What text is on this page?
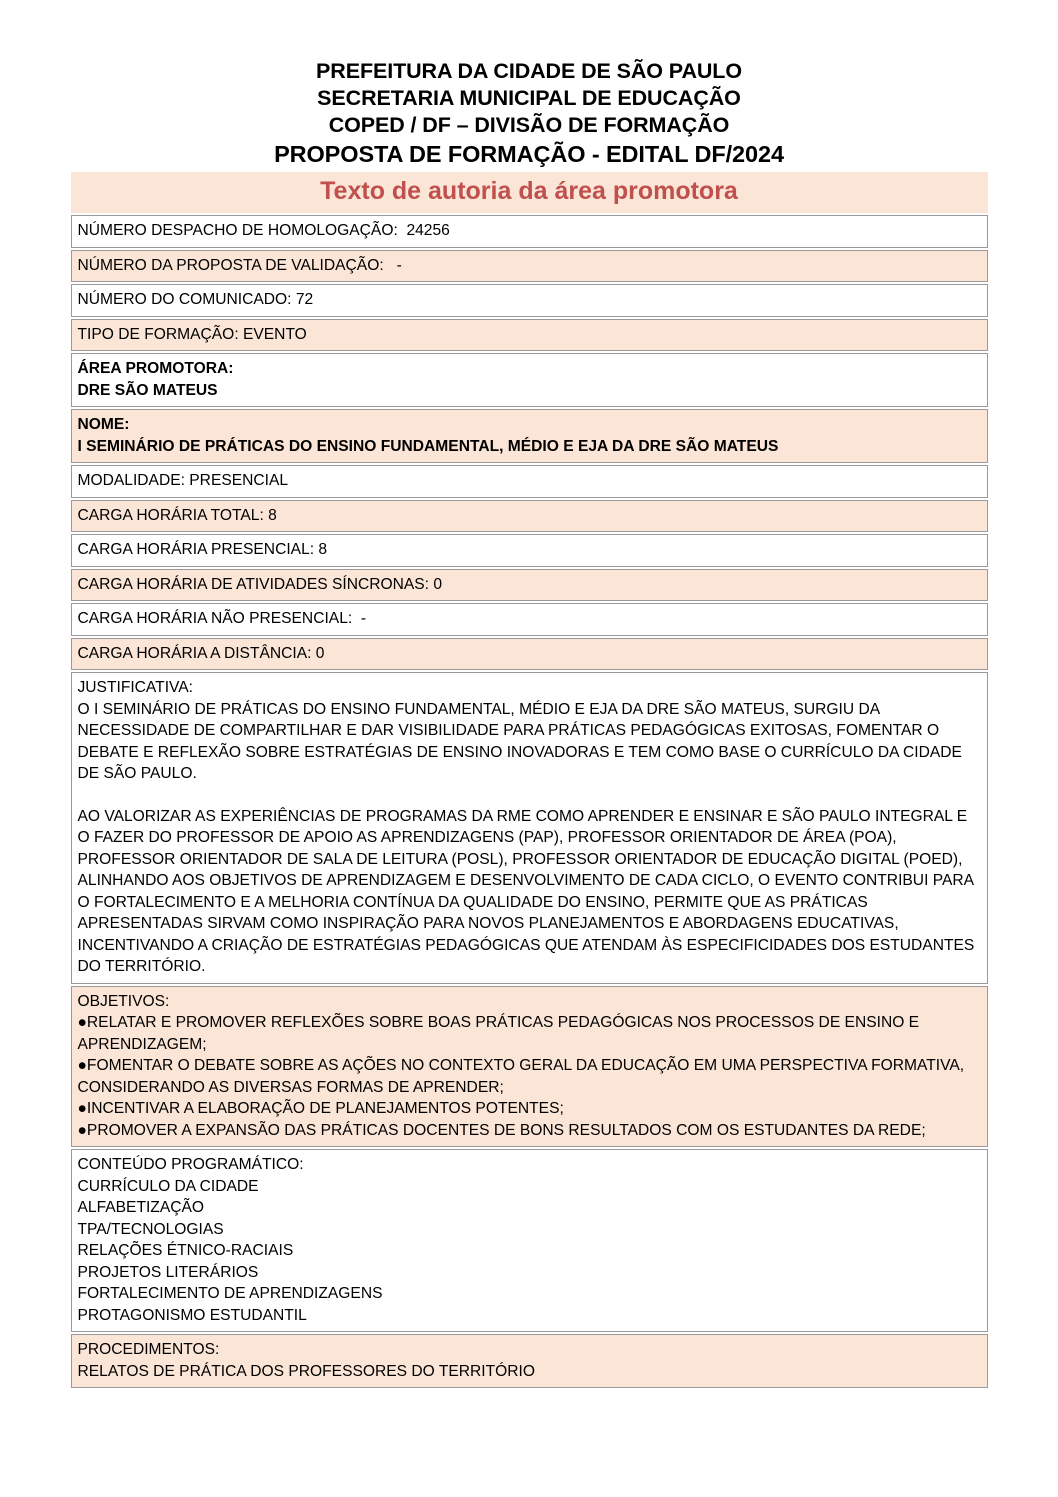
PREFEITURA DA CIDADE DE SÃO PAULO
SECRETARIA MUNICIPAL DE EDUCAÇÃO
COPED / DF – DIVISÃO DE FORMAÇÃO
PROPOSTA DE FORMAÇÃO - EDITAL DF/2024
Texto de autoria da área promotora
NÚMERO DESPACHO DE HOMOLOGAÇÃO:  24256

NÚMERO DA PROPOSTA DE VALIDAÇÃO:   -

NÚMERO DO COMUNICADO: 72

TIPO DE FORMAÇÃO: EVENTO

ÁREA PROMOTORA:
DRE SÃO MATEUS

NOME:
I SEMINÁRIO DE PRÁTICAS DO ENSINO FUNDAMENTAL, MÉDIO E EJA DA DRE SÃO MATEUS

MODALIDADE: PRESENCIAL

CARGA HORÁRIA TOTAL: 8

CARGA HORÁRIA PRESENCIAL: 8

CARGA HORÁRIA DE ATIVIDADES SÍNCRONAS: 0

CARGA HORÁRIA NÃO PRESENCIAL:  -

CARGA HORÁRIA A DISTÂNCIA: 0

JUSTIFICATIVA:
O I SEMINÁRIO DE PRÁTICAS DO ENSINO FUNDAMENTAL, MÉDIO E EJA DA DRE SÃO MATEUS, SURGIU DA NECESSIDADE DE COMPARTILHAR E DAR VISIBILIDADE PARA PRÁTICAS PEDAGÓGICAS EXITOSAS, FOMENTAR O DEBATE E REFLEXÃO SOBRE ESTRATÉGIAS DE ENSINO INOVADORAS E TEM COMO BASE O CURRÍCULO DA CIDADE DE SÃO PAULO.
AO VALORIZAR AS EXPERIÊNCIAS DE PROGRAMAS DA RME COMO APRENDER E ENSINAR E SÃO PAULO INTEGRAL E O FAZER DO PROFESSOR DE APOIO AS APRENDIZAGENS (PAP), PROFESSOR ORIENTADOR DE ÁREA (POA), PROFESSOR ORIENTADOR DE SALA DE LEITURA (POSL), PROFESSOR ORIENTADOR DE EDUCAÇÃO DIGITAL (POED), ALINHANDO AOS OBJETIVOS DE APRENDIZAGEM E DESENVOLVIMENTO DE CADA CICLO, O EVENTO CONTRIBUI PARA O FORTALECIMENTO E A MELHORIA CONTÍNUA DA QUALIDADE DO ENSINO, PERMITE QUE AS PRÁTICAS APRESENTADAS SIRVAM COMO INSPIRAÇÃO PARA NOVOS PLANEJAMENTOS E ABORDAGENS EDUCATIVAS, INCENTIVANDO A CRIAÇÃO DE ESTRATÉGIAS PEDAGÓGICAS QUE ATENDAM ÀS ESPECIFICIDADES DOS ESTUDANTES DO TERRITÓRIO.

OBJETIVOS:
●RELATAR E PROMOVER REFLEXÕES SOBRE BOAS PRÁTICAS PEDAGÓGICAS NOS PROCESSOS DE ENSINO E APRENDIZAGEM;
●FOMENTAR O DEBATE SOBRE AS AÇÕES NO CONTEXTO GERAL DA EDUCAÇÃO EM UMA PERSPECTIVA FORMATIVA, CONSIDERANDO AS DIVERSAS FORMAS DE APRENDER;
●INCENTIVAR A ELABORAÇÃO DE PLANEJAMENTOS POTENTES;
●PROMOVER A EXPANSÃO DAS PRÁTICAS DOCENTES DE BONS RESULTADOS COM OS ESTUDANTES DA REDE;

CONTEÚDO PROGRAMÁTICO:
CURRÍCULO DA CIDADE
ALFABETIZAÇÃO
TPA/TECNOLOGIAS
RELAÇÕES ÉTNICO-RACIAIS
PROJETOS LITERÁRIOS
FORTALECIMENTO DE APRENDIZAGENS
PROTAGONISMO ESTUDANTIL

PROCEDIMENTOS:
RELATOS DE PRÁTICA DOS PROFESSORES DO TERRITÓRIO
